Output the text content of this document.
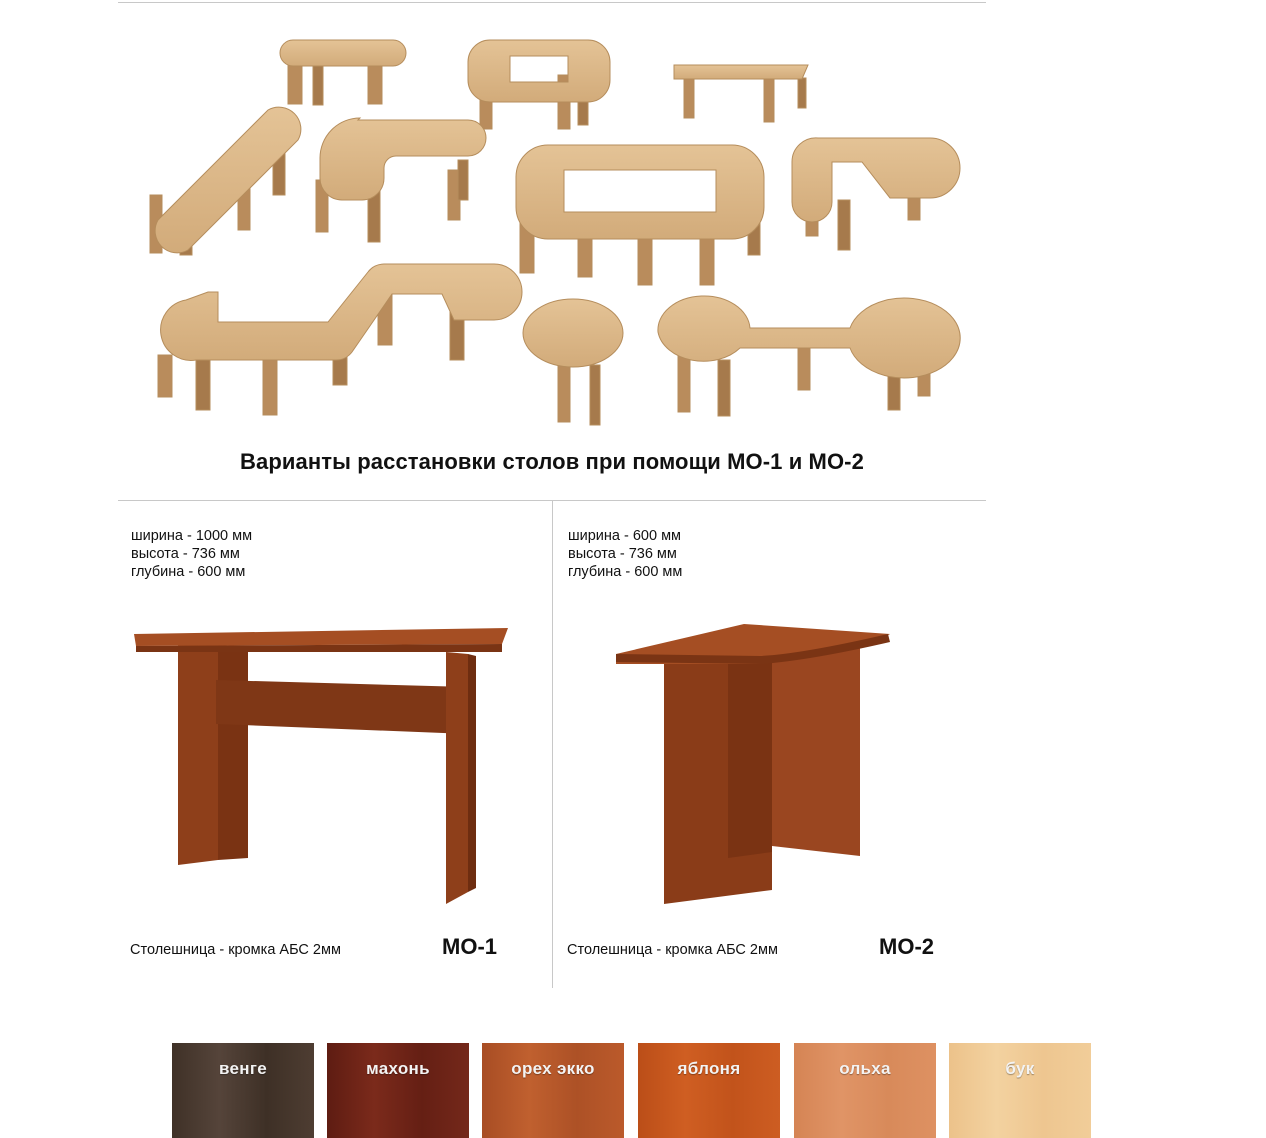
Варианты расстановки столов при помощи МО-1 и МО-2
ширина - 1000 мм
высота - 736 мм
глубина - 600 мм
Столешница - кромка АБС 2мм	МО-1
ширина - 600 мм
высота - 736 мм
глубина - 600 мм
Столешница - кромка АБС 2мм	МО-2
венге	махонь	орех экко	яблоня	ольха	бук
